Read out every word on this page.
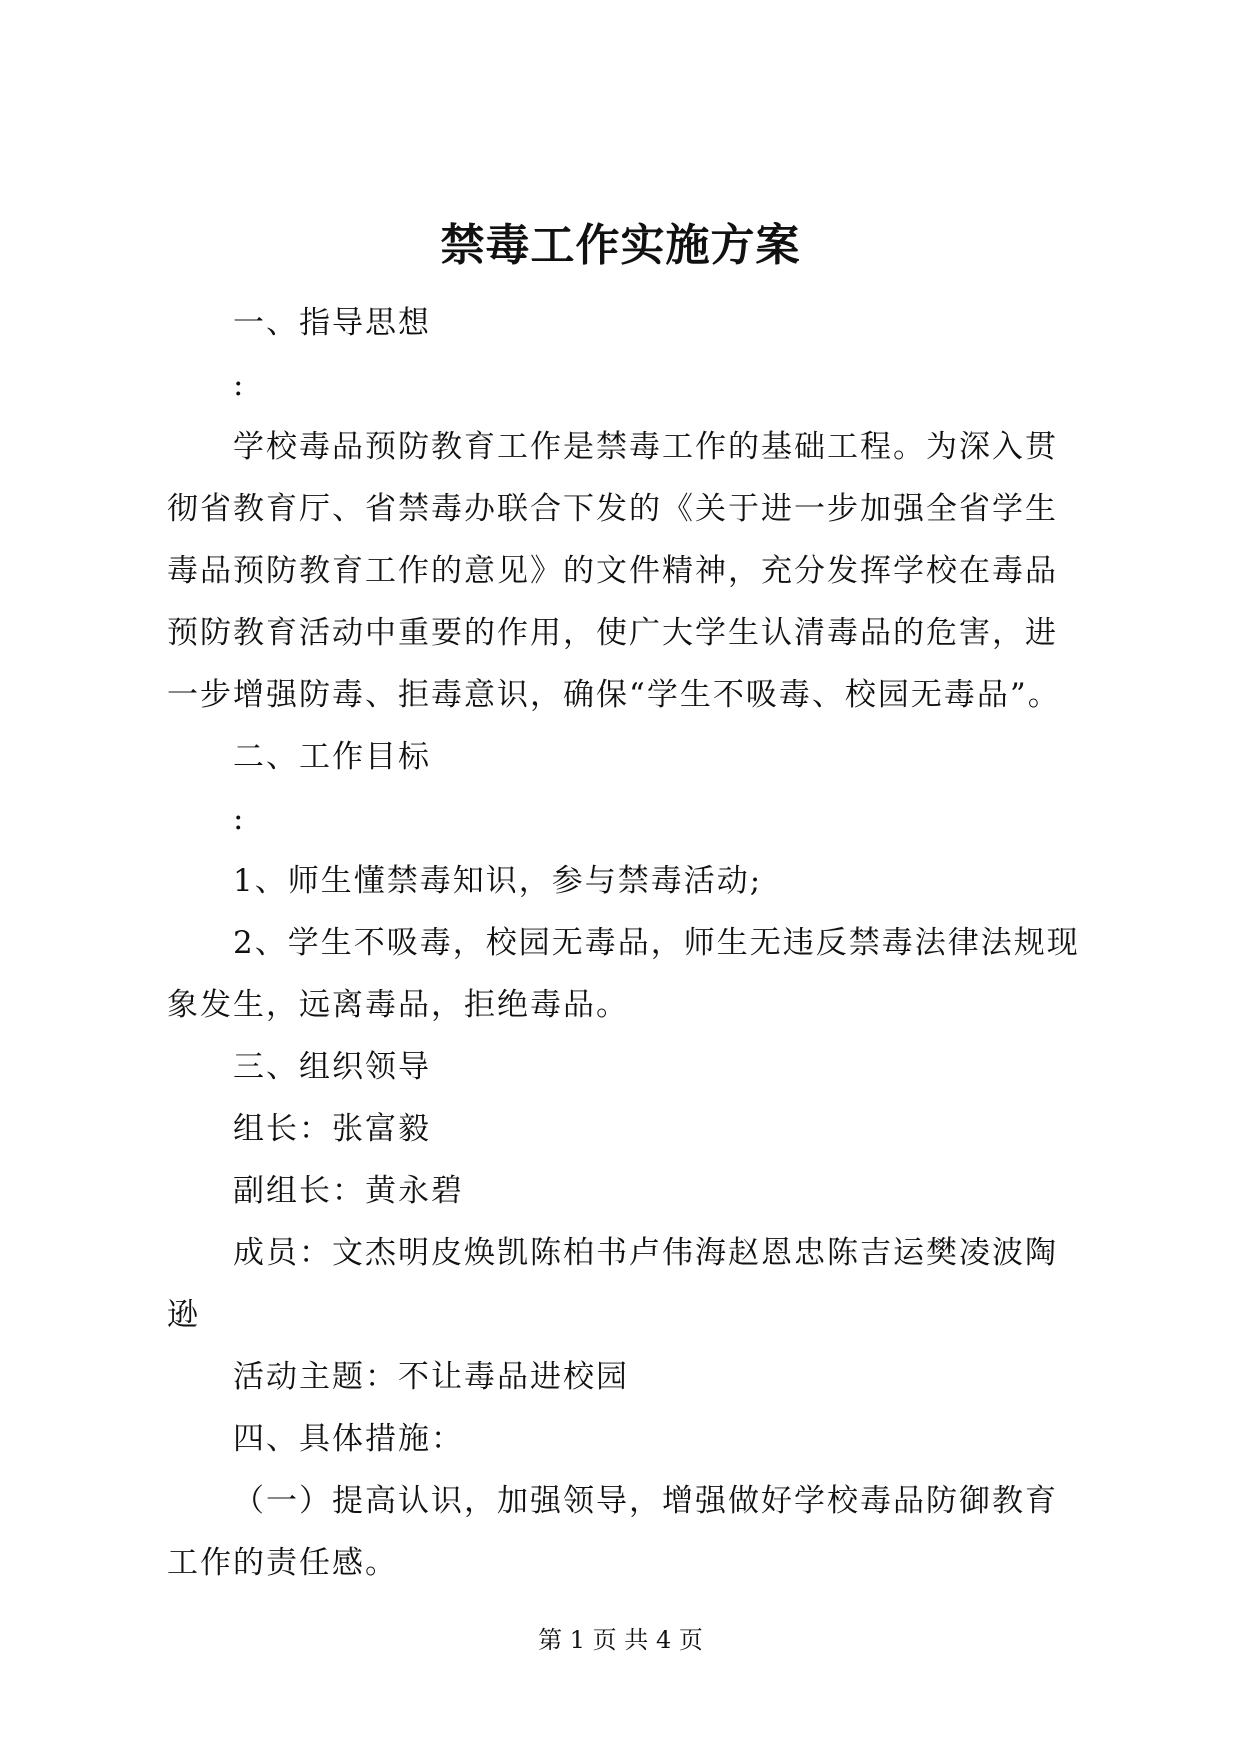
禁毒工作实施方案

一、指导思想

:

学校毒品预防教育工作是禁毒工作的基础工程。为深入贯彻省教育厅、省禁毒办联合下发的《关于进一步加强全省学生毒品预防教育工作的意见》的文件精神，充分发挥学校在毒品预防教育活动中重要的作用，使广大学生认清毒品的危害，进一步增强防毒、拒毒意识，确保“学生不吸毒、校园无毒品”。

二、工作目标

:

1、师生懂禁毒知识，参与禁毒活动;

2、学生不吸毒，校园无毒品，师生无违反禁毒法律法规现象发生，远离毒品，拒绝毒品。

三、组织领导

组长：张富毅

副组长：黄永碧

成员：文杰明皮焕凯陈柏书卢伟海赵恩忠陈吉运樊凌波陶逊

活动主题：不让毒品进校园

四、具体措施：

（一）提高认识，加强领导，增强做好学校毒品防御教育工作的责任感。

第 1 页 共 4 页
